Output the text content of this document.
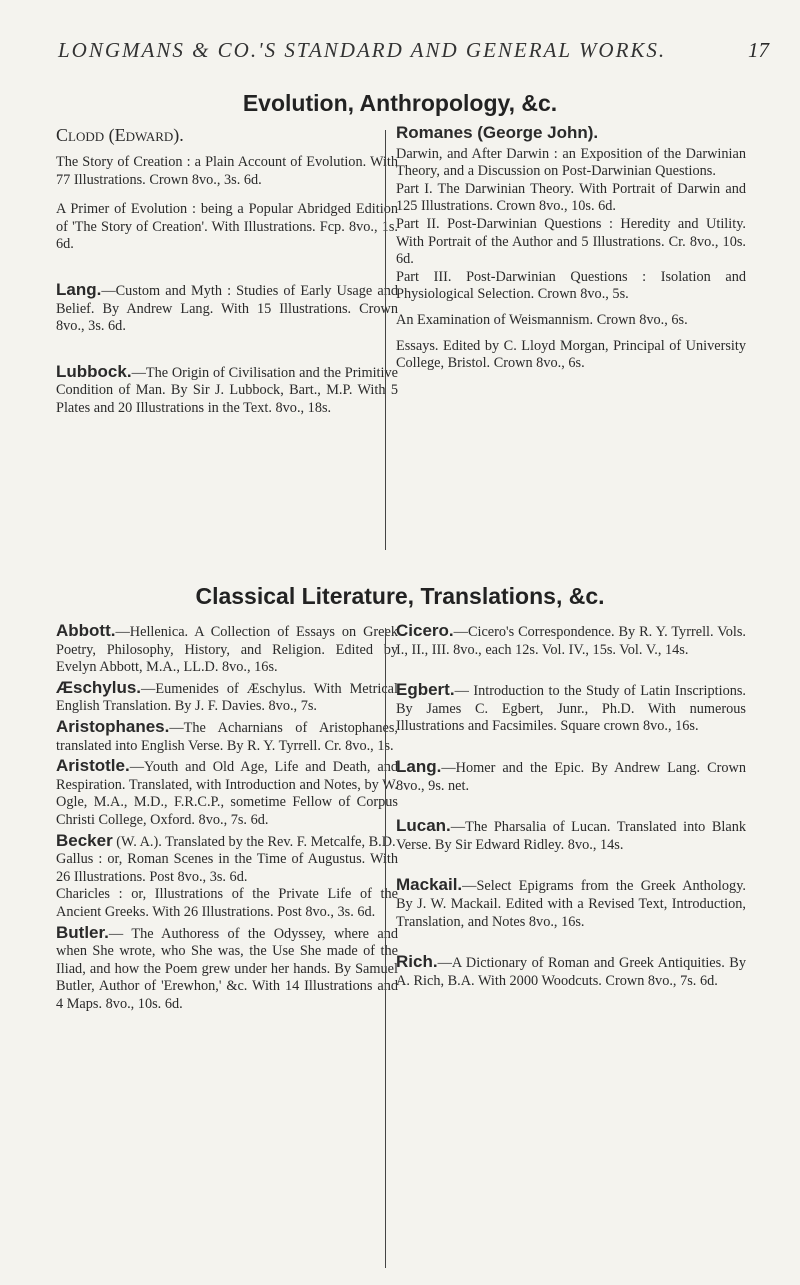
LONGMANS & CO.'S STANDARD AND GENERAL WORKS.	17
Evolution, Anthropology, &c.
Clodd (Edward).

The Story of Creation : a Plain Account of Evolution. With 77 Illustrations. Crown 8vo., 3s. 6d.

A Primer of Evolution : being a Popular Abridged Edition of 'The Story of Creation'. With Illustrations. Fcp. 8vo., 1s. 6d.

Lang.—Custom and Myth : Studies of Early Usage and Belief. By Andrew Lang. With 15 Illustrations. Crown 8vo., 3s. 6d.

Lubbock.—The Origin of Civilisation and the Primitive Condition of Man. By Sir J. Lubbock, Bart., M.P. With 5 Plates and 20 Illustrations in the Text. 8vo., 18s.

Romanes (George John).

Darwin, and After Darwin : an Exposition of the Darwinian Theory, and a Discussion on Post-Darwinian Questions.

Part I. The Darwinian Theory. With Portrait of Darwin and 125 Illustrations. Crown 8vo., 10s. 6d.

Part II. Post-Darwinian Questions : Heredity and Utility. With Portrait of the Author and 5 Illustrations. Cr. 8vo., 10s. 6d.

Part III. Post-Darwinian Questions : Isolation and Physiological Selection. Crown 8vo., 5s.

An Examination of Weismannism. Crown 8vo., 6s.

Essays. Edited by C. Lloyd Morgan, Principal of University College, Bristol. Crown 8vo., 6s.

Classical Literature, Translations, &c.

Abbott.—Hellenica. A Collection of Essays on Greek Poetry, Philosophy, History, and Religion. Edited by Evelyn Abbott, M.A., LL.D. 8vo., 16s.

Æschylus.—Eumenides of Æschylus. With Metrical English Translation. By J. F. Davies. 8vo., 7s.

Aristophanes.—The Acharnians of Aristophanes, translated into English Verse. By R. Y. Tyrrell. Cr. 8vo., 1s.

Aristotle.—Youth and Old Age, Life and Death, and Respiration. Translated, with Introduction and Notes, by W. Ogle, M.A., M.D., F.R.C.P., sometime Fellow of Corpus Christi College, Oxford. 8vo., 7s. 6d.

Becker (W. A.). Translated by the Rev. F. Metcalfe, B.D.

Gallus : or, Roman Scenes in the Time of Augustus. With 26 Illustrations. Post 8vo., 3s. 6d.

Charicles : or, Illustrations of the Private Life of the Ancient Greeks. With 26 Illustrations. Post 8vo., 3s. 6d.

Butler.— The Authoress of the Odyssey, where and when She wrote, who She was, the Use She made of the Iliad, and how the Poem grew under her hands. By Samuel Butler, Author of 'Erewhon,' &c. With 14 Illustrations and 4 Maps. 8vo., 10s. 6d.

Cicero.—Cicero's Correspondence. By R. Y. Tyrrell. Vols. I., II., III. 8vo., each 12s. Vol. IV., 15s. Vol. V., 14s.

Egbert.— Introduction to the Study of Latin Inscriptions. By James C. Egbert, Junr., Ph.D. With numerous Illustrations and Facsimiles. Square crown 8vo., 16s.

Lang.—Homer and the Epic. By Andrew Lang. Crown 8vo., 9s. net.

Lucan.—The Pharsalia of Lucan. Translated into Blank Verse. By Sir Edward Ridley. 8vo., 14s.

Mackail.—Select Epigrams from the Greek Anthology. By J. W. Mackail. Edited with a Revised Text, Introduction, Translation, and Notes 8vo., 16s.

Rich.—A Dictionary of Roman and Greek Antiquities. By A. Rich, B.A. With 2000 Woodcuts. Crown 8vo., 7s. 6d.
